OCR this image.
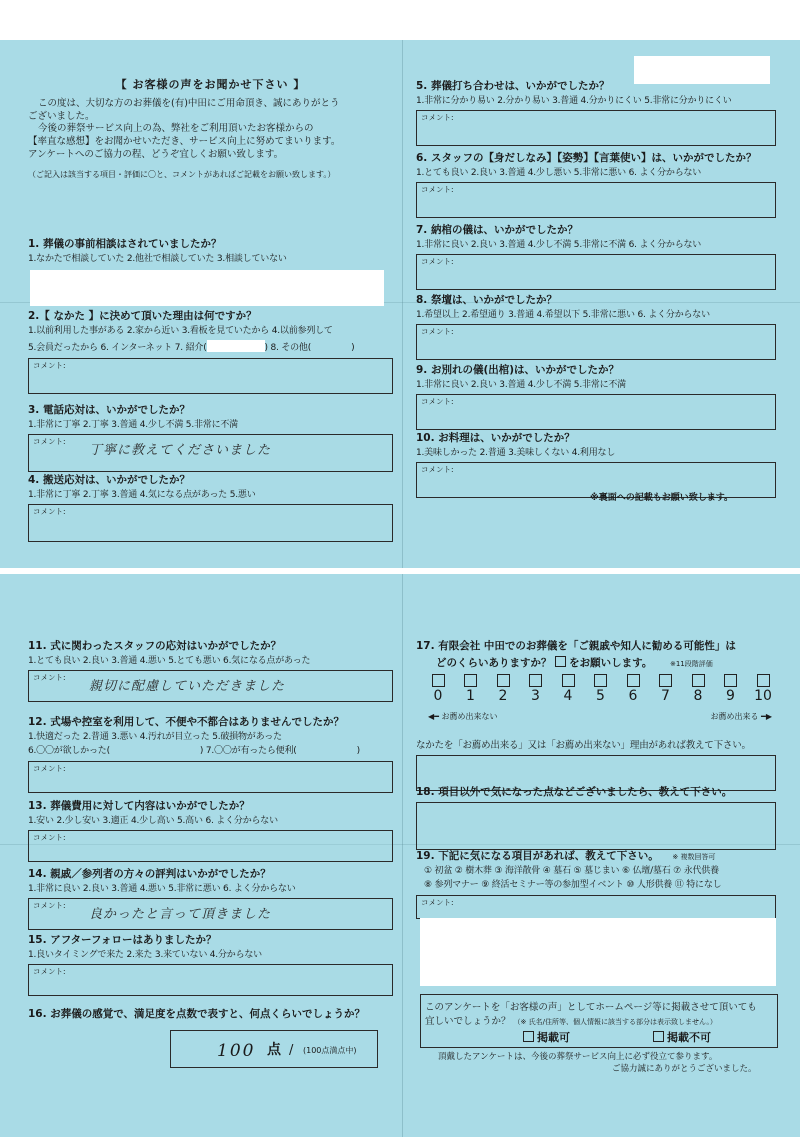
【 お客様の声をお聞かせ下さい 】
この度は、大切な方のお葬儀を(有)中田にご用命頂き、誠にありがとう
ございました。
今後の葬祭サービス向上の為、弊社をご利用頂いたお客様からの
【率直な感想】をお聞かせいただき、サービス向上に努めてまいります。
アンケートへのご協力の程、どうぞ宜しくお願い致します。
（ご記入は該当する項目・評価に〇と、コメントがあればご記載をお願い致します。）
1. 葬儀の事前相談はされていましたか？
1.なかたで相談していた 2.他社で相談していた 3.相談していない
2.【 なかた 】に決めて頂いた理由は何ですか？
1.以前利用した事がある 2.家から近い 3.看板を見ていたから 4.以前参列して
5.会員だったから 6. インターネット 7. 紹介(	) 8. その他(	)
コメント:
3. 電話応対は、いかがでしたか？
1.非常に丁寧 2.丁寧 3.普通 4.少し不満 5.非常に不満
コメント:
丁寧に教えてくださいました
4. 搬送応対は、いかがでしたか？
1.非常に丁寧 2.丁寧 3.普通 4.気になる点があった 5.悪い
コメント:
5. 葬儀打ち合わせは、いかがでしたか？
1.非常に分かり易い 2.分かり易い 3.普通 4.分かりにくい 5.非常に分かりにくい
コメント:
6. スタッフの【身だしなみ】【姿勢】【言葉使い】は、いかがでしたか？
1.とても良い 2.良い 3.普通 4.少し悪い 5.非常に悪い 6. よく分からない
コメント:
7. 納棺の儀は、いかがでしたか？
1.非常に良い 2.良い 3.普通 4.少し不満 5.非常に不満 6. よく分からない
コメント:
8. 祭壇は、いかがでしたか？
1.希望以上 2.希望通り 3.普通 4.希望以下 5.非常に悪い 6. よく分からない
コメント:
9. お別れの儀(出棺)は、いかがでしたか？
1.非常に良い 2.良い 3.普通 4.少し不満 5.非常に不満
コメント:
10. お料理は、いかがでしたか？
1.美味しかった 2.普通 3.美味しくない 4.利用なし
コメント:
※裏面への記載もお願い致します。
11. 式に関わったスタッフの応対はいかがでしたか？
1.とても良い 2.良い 3.普通 4.悪い 5.とても悪い 6.気になる点があった
コメント:
親切に配慮していただきました
12. 式場や控室を利用して、不便や不都合はありませんでしたか？
1.快適だった 2.普通 3.悪い 4.汚れが目立った 5.破損物があった
6.〇〇が欲しかった(	) 7.〇〇が有ったら便利(	)
コメント:
13. 葬儀費用に対して内容はいかがでしたか？
1.安い 2.少し安い 3.適正 4.少し高い 5.高い 6. よく分からない
コメント:
14. 親戚／参列者の方々の評判はいかがでしたか？
1.非常に良い 2.良い 3.普通 4.悪い 5.非常に悪い 6. よく分からない
コメント:
良かったと言って頂きました
15. アフターフォローはありましたか？
1.良いタイミングで来た 2.来た 3.来ていない 4.分からない
コメント:
16. お葬儀の感覚で、満足度を点数で表すと、何点くらいでしょうか？
100 点 / (100点満点中)
17. 有限会社 中田でのお葬儀を「ご親戚や知人に勧める可能性」は
どのくらいありますか？ をお願いします。	※11段階評価
0	1	2	3	4	5	6	7	8	9	10
◀━ お薦め出来ない	お薦め出来る ━▶
なかたを「お薦め出来る」又は「お薦め出来ない」理由があれば教えて下さい。
18. 項目以外で気になった点などございましたら、教えて下さい。
19. 下記に気になる項目があれば、教えて下さい。 ※ 複数回答可
① 初盆 ② 樹木葬 ③ 海洋散骨 ④ 墓石 ⑤ 墓じまい ⑥ 仏壇/墓石 ⑦ 永代供養
⑧ 参列マナー ⑨ 終活セミナー等の参加型イベント ⑩ 人形供養 ⑪ 特になし
コメント:
このアンケートを「お客様の声」としてホームページ等に掲載させて頂いても
宜しいでしょうか？ （※ 氏名/住所等、個人情報に該当する部分は表示致しません。）
掲載可	掲載不可
頂戴したアンケートは、今後の葬祭サービス向上に必ず役立て参ります。
ご協力誠にありがとうございました。
